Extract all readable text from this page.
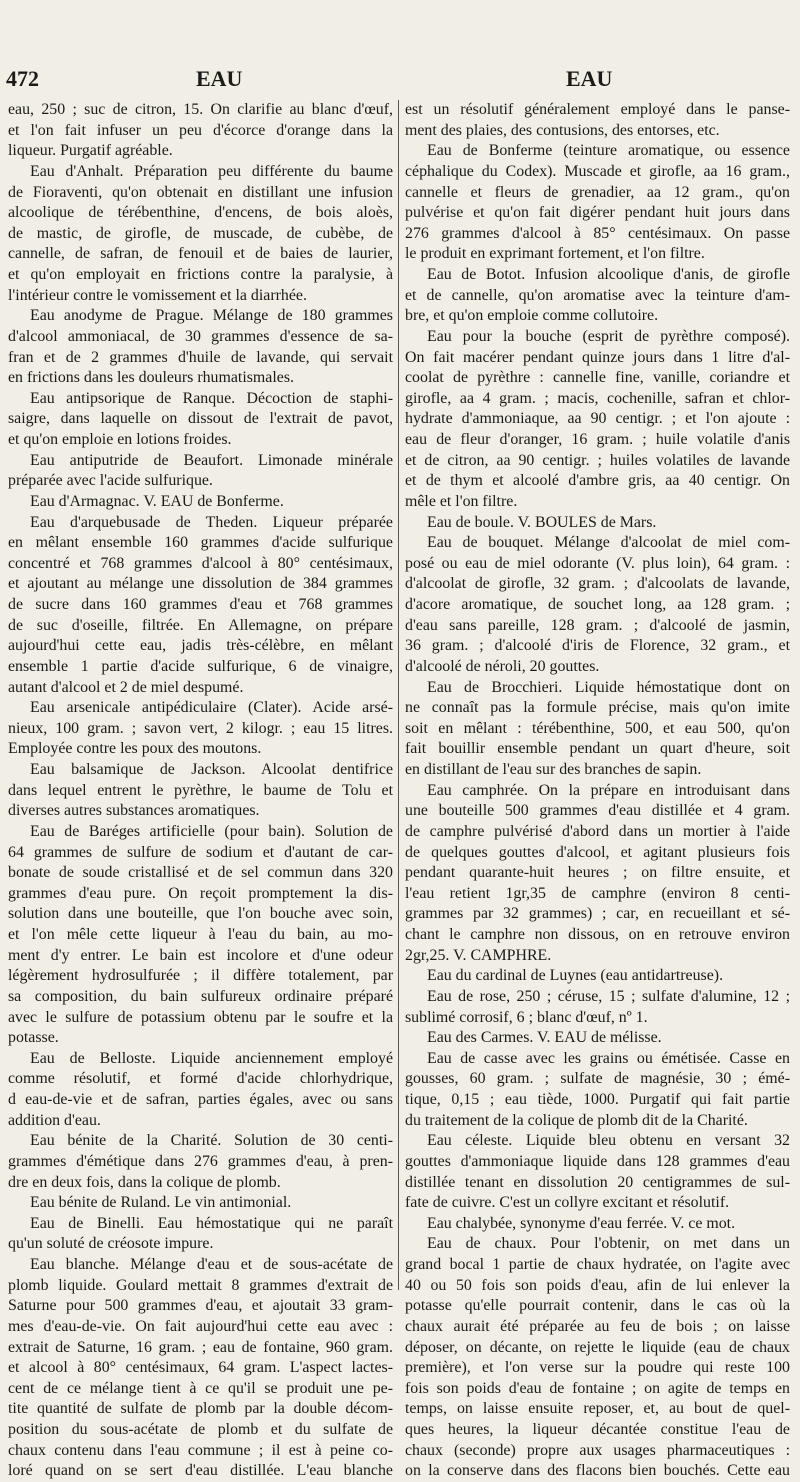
472	EAU	EAU
eau, 250 ; suc de citron, 15. On clarifie au blanc d'œuf,
et l'on fait infuser un peu d'écorce d'orange dans la
liqueur. Purgatif agréable.
Eau d'Anhalt. Préparation peu différente du baume
de Fioraventi, qu'on obtenait en distillant une infusion
alcoolique de térébenthine, d'encens, de bois aloès,
de mastic, de girofle, de muscade, de cubèbe, de
cannelle, de safran, de fenouil et de baies de laurier,
et qu'on employait en frictions contre la paralysie, à
l'intérieur contre le vomissement et la diarrhée.
Eau anodyme de Prague. Mélange de 180 grammes
d'alcool ammoniacal, de 30 grammes d'essence de sa-
fran et de 2 grammes d'huile de lavande, qui servait
en frictions dans les douleurs rhumatismales.
Eau antipsorique de Ranque. Décoction de staphi-
saigre, dans laquelle on dissout de l'extrait de pavot,
et qu'on emploie en lotions froides.
Eau antiputride de Beaufort. Limonade minérale
préparée avec l'acide sulfurique.
Eau d'Armagnac. V. EAU de Bonferme.
Eau d'arquebusade de Theden. Liqueur préparée
en mêlant ensemble 160 grammes d'acide sulfurique
concentré et 768 grammes d'alcool à 80° centésimaux,
et ajoutant au mélange une dissolution de 384 grammes
de sucre dans 160 grammes d'eau et 768 grammes
de suc d'oseille, filtrée. En Allemagne, on prépare
aujourd'hui cette eau, jadis très-célèbre, en mêlant
ensemble 1 partie d'acide sulfurique, 6 de vinaigre,
autant d'alcool et 2 de miel despumé.
Eau arsenicale antipédiculaire (Clater). Acide arsé-
nieux, 100 gram. ; savon vert, 2 kilogr. ; eau 15 litres.
Employée contre les poux des moutons.
Eau balsamique de Jackson. Alcoolat dentifrice
dans lequel entrent le pyrèthre, le baume de Tolu et
diverses autres substances aromatiques.
Eau de Baréges artificielle (pour bain). Solution de
64 grammes de sulfure de sodium et d'autant de car-
bonate de soude cristallisé et de sel commun dans 320
grammes d'eau pure. On reçoit promptement la dis-
solution dans une bouteille, que l'on bouche avec soin,
et l'on mêle cette liqueur à l'eau du bain, au mo-
ment d'y entrer. Le bain est incolore et d'une odeur
légèrement hydrosulfurée ; il diffère totalement, par
sa composition, du bain sulfureux ordinaire préparé
avec le sulfure de potassium obtenu par le soufre et la
potasse.
Eau de Belloste. Liquide anciennement employé
comme résolutif, et formé d'acide chlorhydrique,
d eau-de-vie et de safran, parties égales, avec ou sans
addition d'eau.
Eau bénite de la Charité. Solution de 30 centi-
grammes d'émétique dans 276 grammes d'eau, à pren-
dre en deux fois, dans la colique de plomb.
Eau bénite de Ruland. Le vin antimonial.
Eau de Binelli. Eau hémostatique qui ne paraît
qu'un soluté de créosote impure.
Eau blanche. Mélange d'eau et de sous-acétate de
plomb liquide. Goulard mettait 8 grammes d'extrait de
Saturne pour 500 grammes d'eau, et ajoutait 33 gram-
mes d'eau-de-vie. On fait aujourd'hui cette eau avec :
extrait de Saturne, 16 gram. ; eau de fontaine, 960 gram.
et alcool à 80° centésimaux, 64 gram. L'aspect lactes-
cent de ce mélange tient à ce qu'il se produit une pe-
tite quantité de sulfate de plomb par la double décom-
position du sous-acétate de plomb et du sulfate de
chaux contenu dans l'eau commune ; il est à peine co-
loré quand on se sert d'eau distillée. L'eau blanche
est un résolutif généralement employé dans le panse-
ment des plaies, des contusions, des entorses, etc.
Eau de Bonferme (teinture aromatique, ou essence
céphalique du Codex). Muscade et girofle, aa 16 gram.,
cannelle et fleurs de grenadier, aa 12 gram., qu'on
pulvérise et qu'on fait digérer pendant huit jours dans
276 grammes d'alcool à 85° centésimaux. On passe
le produit en exprimant fortement, et l'on filtre.
Eau de Botot. Infusion alcoolique d'anis, de girofle
et de cannelle, qu'on aromatise avec la teinture d'am-
bre, et qu'on emploie comme collutoire.
Eau pour la bouche (esprit de pyrèthre composé).
On fait macérer pendant quinze jours dans 1 litre d'al-
coolat de pyrèthre : cannelle fine, vanille, coriandre et
girofle, aa 4 gram. ; macis, cochenille, safran et chlor-
hydrate d'ammoniaque, aa 90 centigr. ; et l'on ajoute :
eau de fleur d'oranger, 16 gram. ; huile volatile d'anis
et de citron, aa 90 centigr. ; huiles volatiles de lavande
et de thym et alcoolé d'ambre gris, aa 40 centigr. On
mêle et l'on filtre.
Eau de boule. V. BOULES de Mars.
Eau de bouquet. Mélange d'alcoolat de miel com-
posé ou eau de miel odorante (V. plus loin), 64 gram. :
d'alcoolat de girofle, 32 gram. ; d'alcoolats de lavande,
d'acore aromatique, de souchet long, aa 128 gram. ;
d'eau sans pareille, 128 gram. ; d'alcoolé de jasmin,
36 gram. ; d'alcoolé d'iris de Florence, 32 gram., et
d'alcoolé de néroli, 20 gouttes.
Eau de Brocchieri. Liquide hémostatique dont on
ne connaît pas la formule précise, mais qu'on imite
soit en mêlant : térébenthine, 500, et eau 500, qu'on
fait bouillir ensemble pendant un quart d'heure, soit
en distillant de l'eau sur des branches de sapin.
Eau camphrée. On la prépare en introduisant dans
une bouteille 500 grammes d'eau distillée et 4 gram.
de camphre pulvérisé d'abord dans un mortier à l'aide
de quelques gouttes d'alcool, et agitant plusieurs fois
pendant quarante-huit heures ; on filtre ensuite, et
l'eau retient 1gr,35 de camphre (environ 8 centi-
grammes par 32 grammes) ; car, en recueillant et sé-
chant le camphre non dissous, on en retrouve environ
2gr,25. V. CAMPHRE.
Eau du cardinal de Luynes (eau antidartreuse).
Eau de rose, 250 ; céruse, 15 ; sulfate d'alumine, 12 ;
sublimé corrosif, 6 ; blanc d'œuf, nº 1.
Eau des Carmes. V. EAU de mélisse.
Eau de casse avec les grains ou émétisée. Casse en
gousses, 60 gram. ; sulfate de magnésie, 30 ; émé-
tique, 0,15 ; eau tiède, 1000. Purgatif qui fait partie
du traitement de la colique de plomb dit de la Charité.
Eau céleste. Liquide bleu obtenu en versant 32
gouttes d'ammoniaque liquide dans 128 grammes d'eau
distillée tenant en dissolution 20 centigrammes de sul-
fate de cuivre. C'est un collyre excitant et résolutif.
Eau chalybée, synonyme d'eau ferrée. V. ce mot.
Eau de chaux. Pour l'obtenir, on met dans un
grand bocal 1 partie de chaux hydratée, on l'agite avec
40 ou 50 fois son poids d'eau, afin de lui enlever la
potasse qu'elle pourrait contenir, dans le cas où la
chaux aurait été préparée au feu de bois ; on laisse
déposer, on décante, on rejette le liquide (eau de chaux
première), et l'on verse sur la poudre qui reste 100
fois son poids d'eau de fontaine ; on agite de temps en
temps, on laisse ensuite reposer, et, au bout de quel-
ques heures, la liqueur décantée constitue l'eau de
chaux (seconde) propre aux usages pharmaceutiques :
on la conserve dans des flacons bien bouchés. Cette eau
